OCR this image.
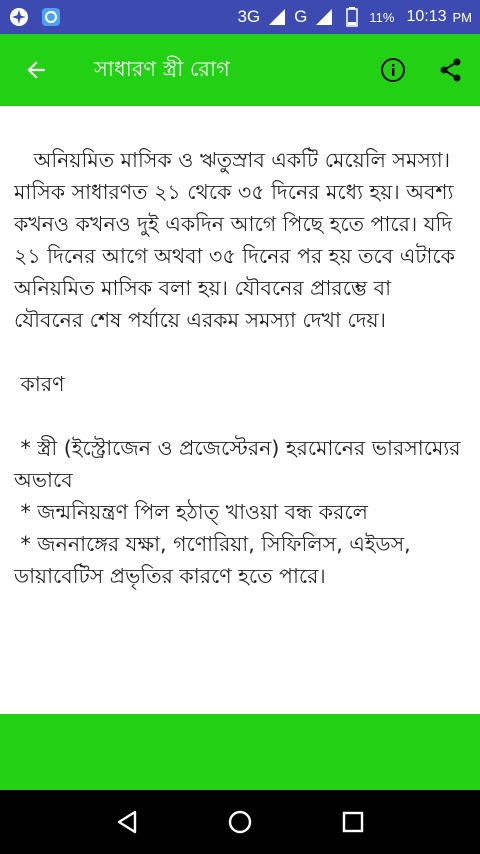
3G G	11% 10:13 PM
সাধারণ স্ত্রী রোগ
অনিয়মিত মাসিক ও ঋতুস্রাব একটি মেয়েলি সমস্যা। মাসিক সাধারণত ২১ থেকে ৩৫ দিনের মধ্যে হয়। অবশ্য কখনও কখনও দুই একদিন আগে পিছে হতে পারে। যদি ২১ দিনের আগে অথবা ৩৫ দিনের পর হয় তবে এটাকে অনিয়মিত মাসিক বলা হয়। যৌবনের প্রারম্ভে বা যৌবনের শেষ পর্যায়ে এরকম সমস্যা দেখা দেয়।

কারণ

* স্ত্রী (ইস্ট্রোজেন ও প্রজেস্টেরন) হরমোনের ভারসাম্যের অভাবে
* জন্মনিয়ন্ত্রণ পিল হঠাত্ খাওয়া বন্ধ করলে
* জননাঙ্গের যক্ষা, গণোরিয়া, সিফিলিস, এইডস, ডায়াবেটিস প্রভৃতির কারণে হতে পারে।
